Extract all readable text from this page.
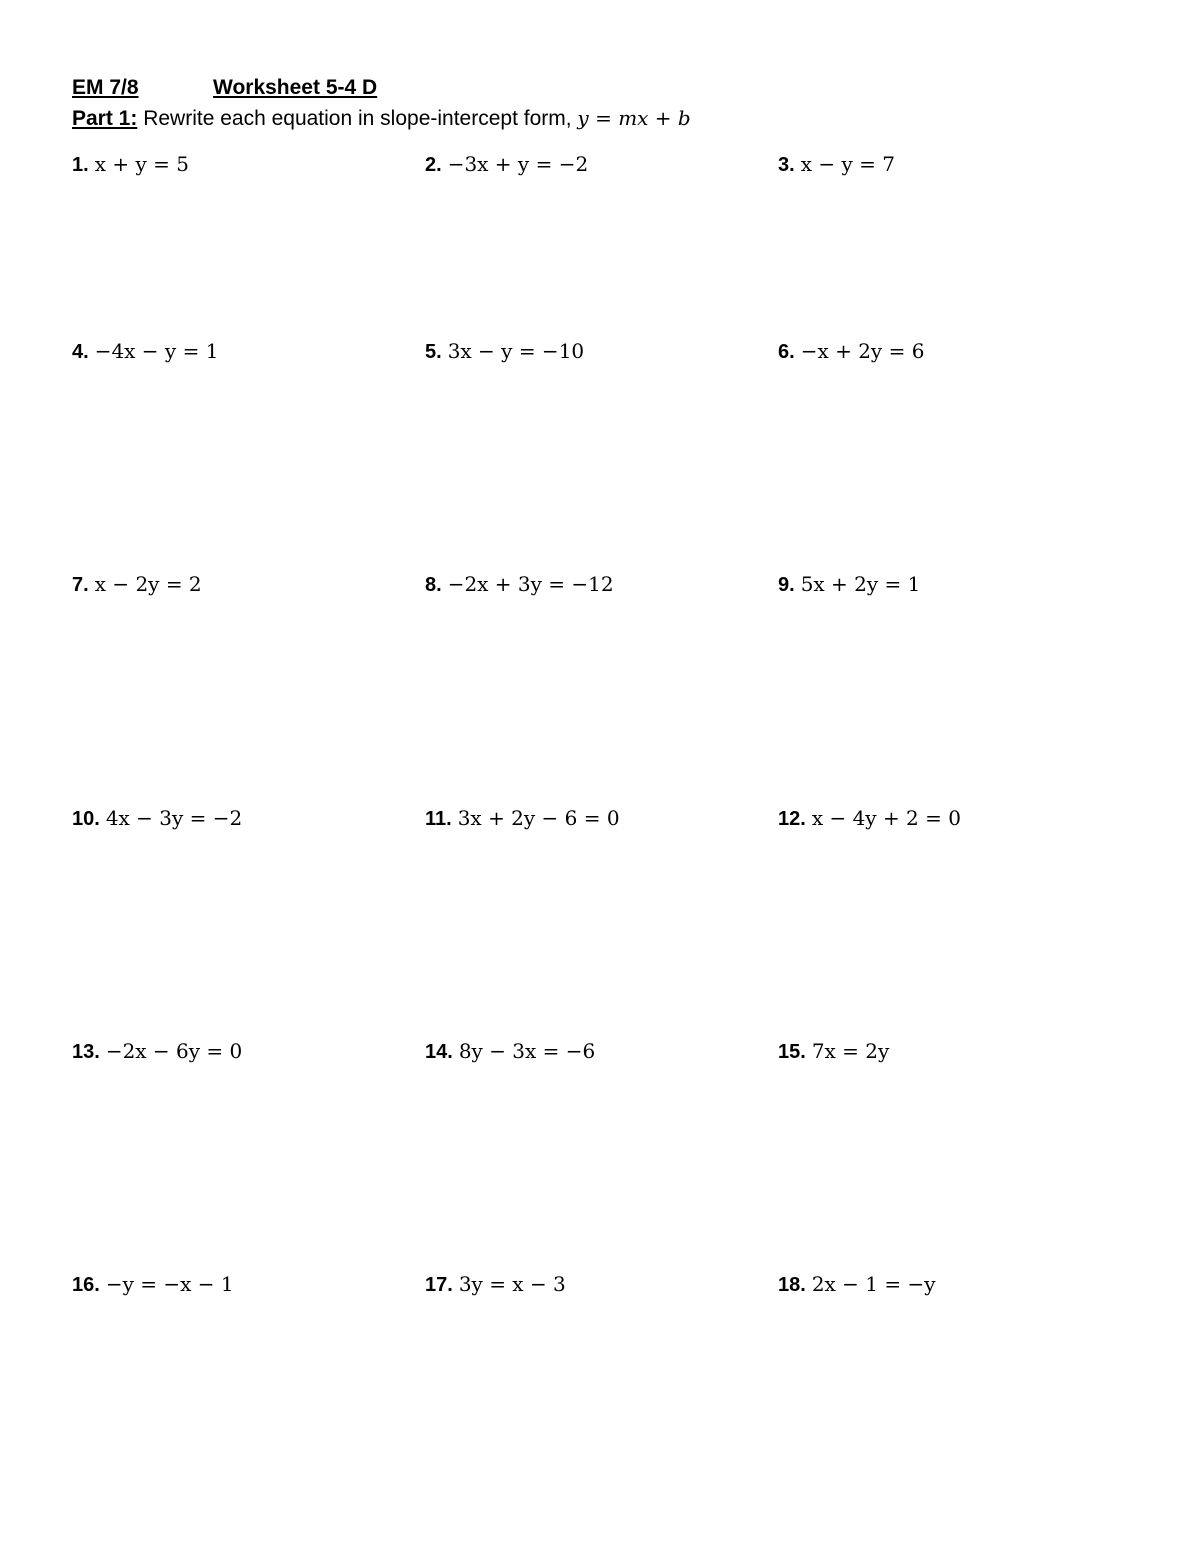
EM 7/8	Worksheet 5-4 D
Part 1: Rewrite each equation in slope-intercept form, y = mx + b
1. x + y = 5	2. −3x + y = −2	3. x − y = 7
4. −4x − y = 1	5. 3x − y = −10	6. −x + 2y = 6
7. x − 2y = 2	8. −2x + 3y = −12	9. 5x + 2y = 1
10. 4x − 3y = −2	11. 3x + 2y − 6 = 0	12. x − 4y + 2 = 0
13. −2x − 6y = 0	14. 8y − 3x = −6	15. 7x = 2y
16. −y = −x − 1	17. 3y = x − 3	18. 2x − 1 = −y
